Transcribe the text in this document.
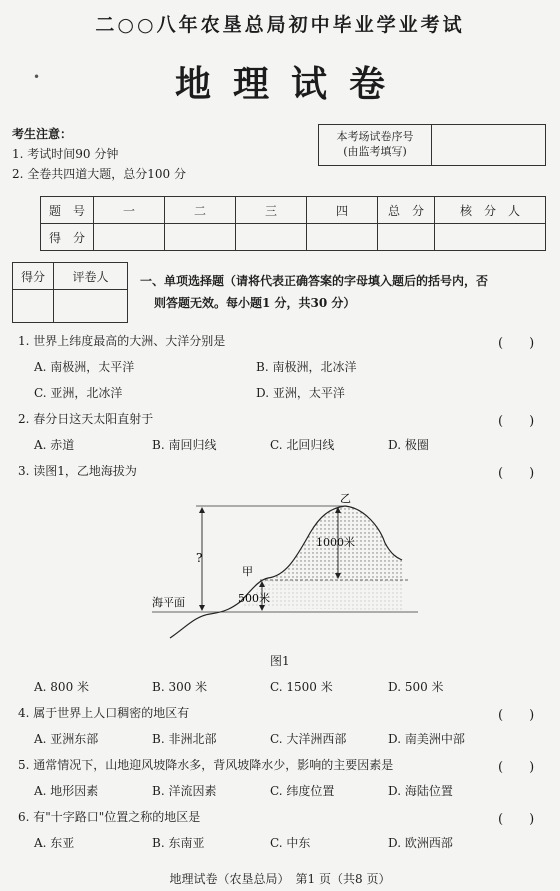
二○○八年农垦总局初中毕业学业考试
•	地理试卷
考生注意：
1. 考试时间90 分钟
2. 全卷共四道大题，总分100 分
本考场试卷序号
(由监考填写)
题　号	一	二	三	四	总　分	核　分　人
得　分						
得分	评卷人
		一、单项选择题（请将代表正确答案的字母填入题后的括号内，否
则答题无效。每小题1 分，共30 分）
1. 世界上纬度最高的大洲、大洋分别是	(　　)
A. 南极洲，太平洋	B. 南极洲，北冰洋
C. 亚洲，北冰洋	D. 亚洲，太平洋
2. 春分日这天太阳直射于	(　　)
A. 赤道	B. 南回归线	C. 北回归线	D. 极圈
3. 读图1，乙地海拔为	(　　)
乙
甲
1000米
500米
?
海平面
图1
A. 800 米	B. 300 米	C. 1500 米	D. 500 米
4. 属于世界上人口稠密的地区有	(　　)
A. 亚洲东部	B. 非洲北部	C. 大洋洲西部	D. 南美洲中部
5. 通常情况下，山地迎风坡降水多，背风坡降水少，影响的主要因素是	(　　)
A. 地形因素	B. 洋流因素	C. 纬度位置	D. 海陆位置
6. 有"十字路口"位置之称的地区是	(　　)
A. 东亚	B. 东南亚	C. 中东	D. 欧洲西部
地理试卷（农垦总局）　第1 页（共8 页）
